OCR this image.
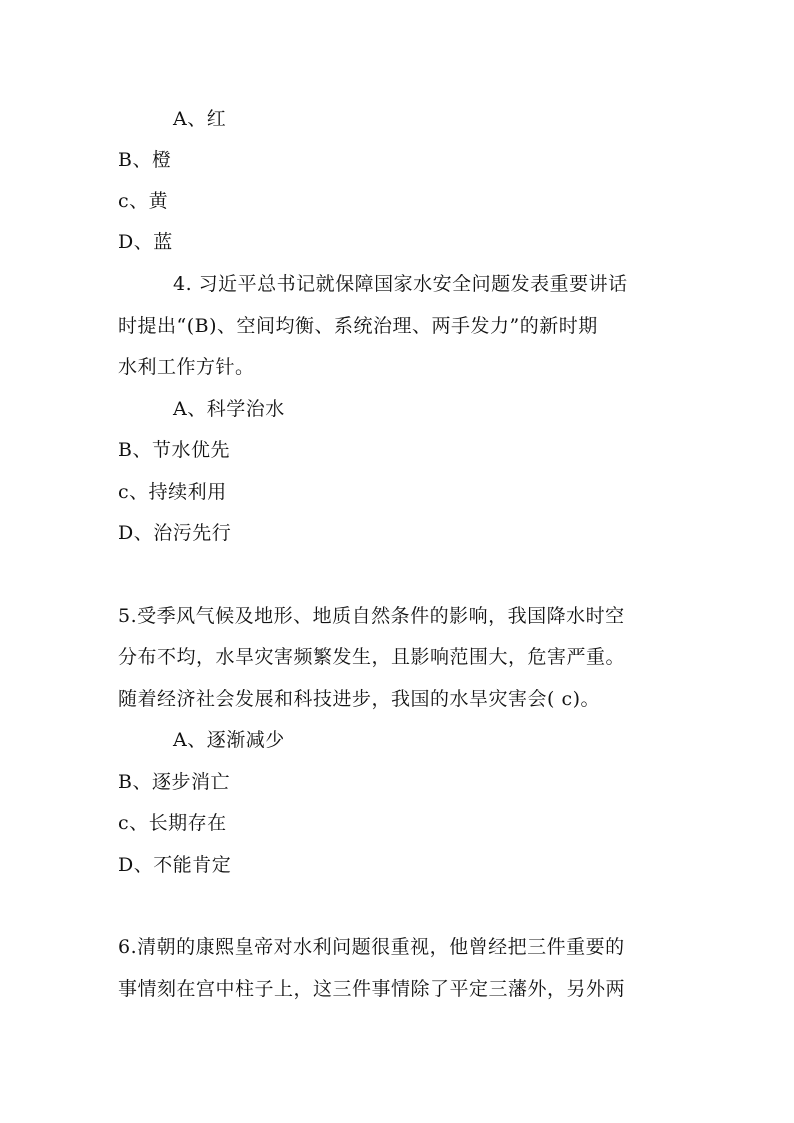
A、红
B、橙
c、黄
D、蓝
4. 习近平总书记就保障国家水安全问题发表重要讲话
时提出“(B)、空间均衡、系统治理、两手发力”的新时期
水利工作方针。
A、科学治水
B、节水优先
c、持续利用
D、治污先行
5.受季风气候及地形、地质自然条件的影响，我国降水时空
分布不均，水旱灾害频繁发生，且影响范围大，危害严重。
随着经济社会发展和科技进步，我国的水旱灾害会( c)。
A、逐渐减少
B、逐步消亡
c、长期存在
D、不能肯定
6.清朝的康熙皇帝对水利问题很重视，他曾经把三件重要的
事情刻在宫中柱子上，这三件事情除了平定三藩外，另外两
